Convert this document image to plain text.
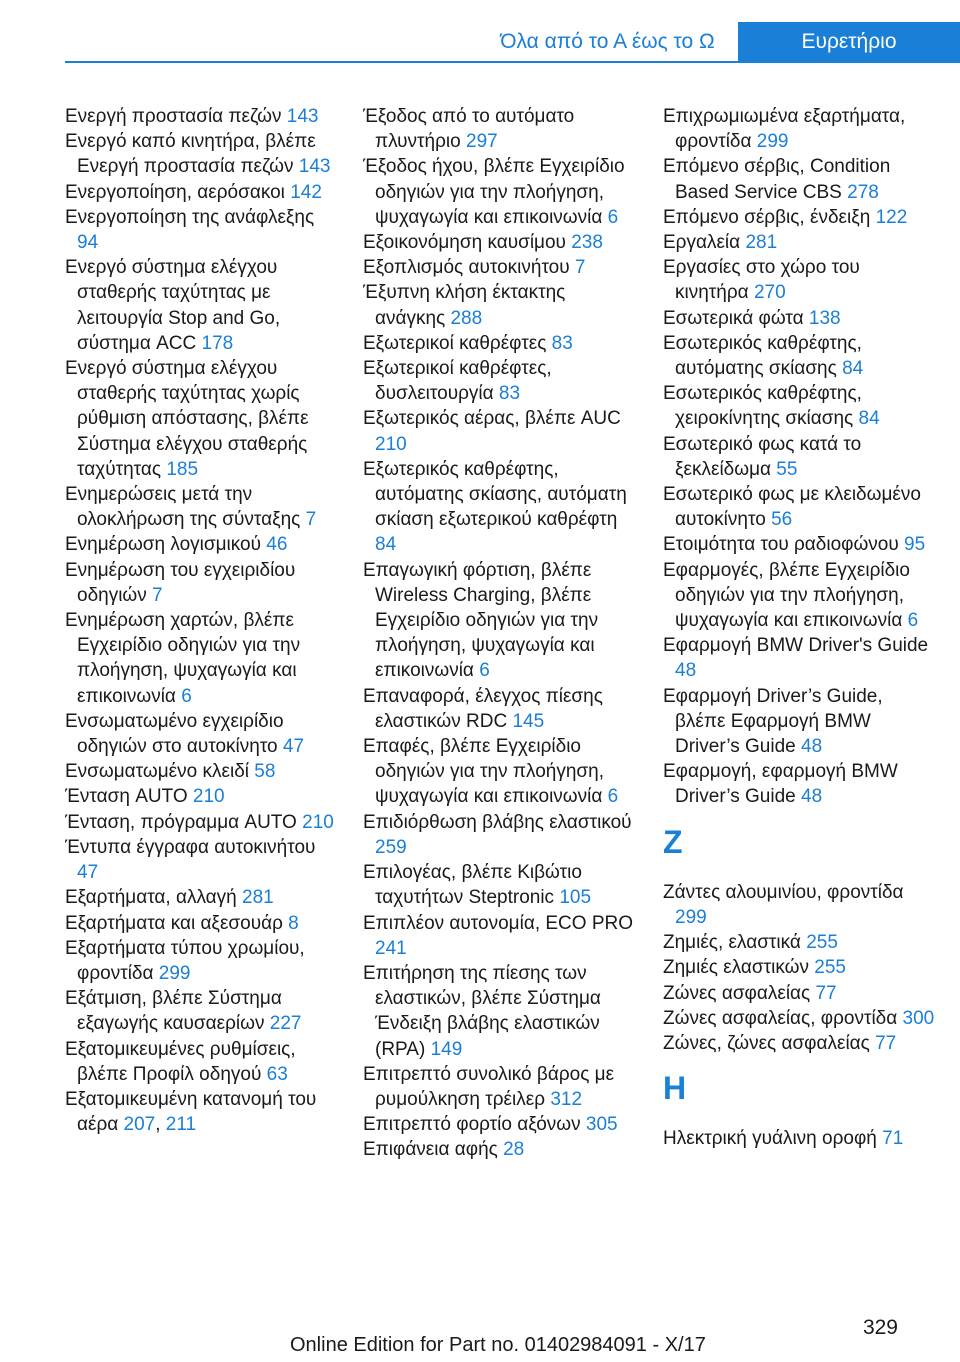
Όλα από το Α έως το Ω	Ευρετήριο

Ενεργή προστασία πεζών 143

Ενεργό καπό κινητήρα, βλέπε Ενεργή προστασία πεζών 143

Ενεργοποίηση, αερόσακοι 142

Ενεργοποίηση της ανάφλεξης 94

Ενεργό σύστημα ελέγχου σταθερής ταχύτητας με λειτουργία Stop and Go, σύστημα ACC 178

Ενεργό σύστημα ελέγχου σταθερής ταχύτητας χωρίς ρύθμιση απόστασης, βλέπε Σύστημα ελέγχου σταθερής ταχύτητας 185

Ενημερώσεις μετά την ολοκλήρωση της σύνταξης 7

Ενημέρωση λογισμικού 46

Ενημέρωση του εγχειριδίου οδηγιών 7

Ενημέρωση χαρτών, βλέπε Εγχειρίδιο οδηγιών για την πλοήγηση, ψυχαγωγία και επικοινωνία 6

Ενσωματωμένο εγχειρίδιο οδηγιών στο αυτοκίνητο 47

Ενσωματωμένο κλειδί 58

Ένταση AUTO 210

Ένταση, πρόγραμμα AUTO 210

Έντυπα έγγραφα αυτοκινήτου 47

Εξαρτήματα, αλλαγή 281

Εξαρτήματα και αξεσουάρ 8

Εξαρτήματα τύπου χρωμίου, φροντίδα 299

Εξάτμιση, βλέπε Σύστημα εξαγωγής καυσαερίων 227

Εξατομικευμένες ρυθμίσεις, βλέπε Προφίλ οδηγού 63

Εξατομικευμένη κατανομή του αέρα 207, 211

Έξοδος από το αυτόματο πλυντήριο 297

Έξοδος ήχου, βλέπε Εγχειρίδιο οδηγιών για την πλοήγηση, ψυχαγωγία και επικοινωνία 6

Εξοικονόμηση καυσίμου 238

Εξοπλισμός αυτοκινήτου 7

Έξυπνη κλήση έκτακτης ανάγκης 288

Εξωτερικοί καθρέφτες 83

Εξωτερικοί καθρέφτες, δυσλειτουργία 83

Εξωτερικός αέρας, βλέπε AUC 210

Εξωτερικός καθρέφτης, αυτόματης σκίασης, αυτόματη σκίαση εξωτερικού καθρέφτη 84

Επαγωγική φόρτιση, βλέπε Wireless Charging, βλέπε Εγχειρίδιο οδηγιών για την πλοήγηση, ψυχαγωγία και επικοινωνία 6

Επαναφορά, έλεγχος πίεσης ελαστικών RDC 145

Επαφές, βλέπε Εγχειρίδιο οδηγιών για την πλοήγηση, ψυχαγωγία και επικοινωνία 6

Επιδιόρθωση βλάβης ελαστικού 259

Επιλογέας, βλέπε Κιβώτιο ταχυτήτων Steptronic 105

Επιπλέον αυτονομία, ECO PRO 241

Επιτήρηση της πίεσης των ελαστικών, βλέπε Σύστημα Ένδειξη βλάβης ελαστικών (RPA) 149

Επιτρεπτό συνολικό βάρος με ρυμούλκηση τρέιλερ 312

Επιτρεπτό φορτίο αξόνων 305

Επιφάνεια αφής 28

Επιχρωμιωμένα εξαρτήματα, φροντίδα 299

Επόμενο σέρβις, Condition Based Service CBS 278

Επόμενο σέρβις, ένδειξη 122

Εργαλεία 281

Εργασίες στο χώρο του κινητήρα 270

Εσωτερικά φώτα 138

Εσωτερικός καθρέφτης, αυτόματης σκίασης 84

Εσωτερικός καθρέφτης, χειροκίνητης σκίασης 84

Εσωτερικό φως κατά το ξεκλείδωμα 55

Εσωτερικό φως με κλειδωμένο αυτοκίνητο 56

Ετοιμότητα του ραδιοφώνου 95

Εφαρμογές, βλέπε Εγχειρίδιο οδηγιών για την πλοήγηση, ψυχαγωγία και επικοινωνία 6

Εφαρμογή BMW Driver's Guide 48

Εφαρμογή Driver’s Guide, βλέπε Εφαρμογή BMW Driver’s Guide 48

Εφαρμογή, εφαρμογή BMW Driver’s Guide 48

Z

Ζάντες αλουμινίου, φροντίδα 299

Ζημιές, ελαστικά 255

Ζημιές ελαστικών 255

Ζώνες ασφαλείας 77

Ζώνες ασφαλείας, φροντίδα 300

Ζώνες, ζώνες ασφαλείας 77

H

Ηλεκτρική γυάλινη οροφή 71

329
Online Edition for Part no. 01402984091 - X/17
